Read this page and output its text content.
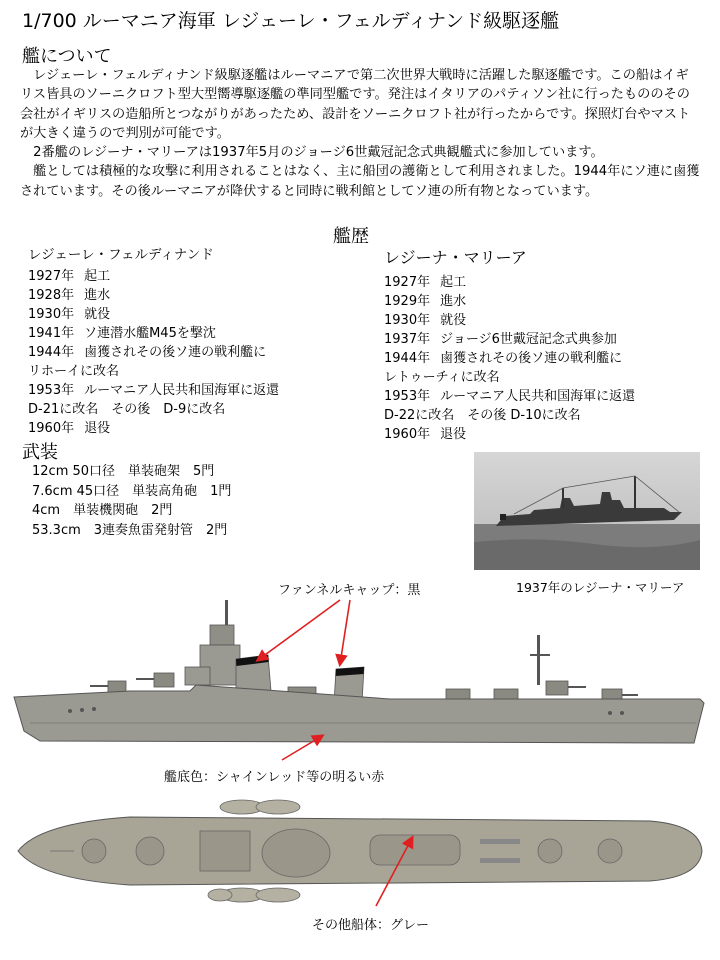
1/700 ルーマニア海軍 レジェーレ・フェルディナンド級駆逐艦
艦について

　レジェーレ・フェルディナンド級駆逐艦はルーマニアで第二次世界大戦時に活躍した駆逐艦です。この船はイギリス皆具のソーニクロフト型大型嚮導駆逐艦の準同型艦です。発注はイタリアのパティソン社に行ったもののその会社がイギリスの造船所とつながりがあったため、設計をソーニクロフト社が行ったからです。探照灯台やマストが大きく違うので判別が可能です。

　2番艦のレジーナ・マリーアは1937年5月のジョージ6世戴冠記念式典観艦式に参加しています。

　艦としては積極的な攻撃に利用されることはなく、主に船団の護衛として利用されました。1944年にソ連に鹵獲されています。その後ルーマニアが降伏すると同時に戦利館としてソ連の所有物となっています。

艦歴
レジェーレ・フェルディナンド
1927年 起工
1928年 進水
1930年 就役
1941年 ソ連潜水艦M45を撃沈
1944年 鹵獲されその後ソ連の戦利艦に
リホーイに改名
1953年 ルーマニア人民共和国海軍に返還
D-21に改名　その後　D-9に改名
1960年 退役
レジーナ・マリーア
1927年 起工
1929年 進水
1930年 就役
1937年 ジョージ6世戴冠記念式典参加
1944年 鹵獲されその後ソ連の戦利艦に
レトゥーチィに改名
1953年 ルーマニア人民共和国海軍に返還
D-22に改名　その後 D-10に改名
1960年 退役
武装
12cm 50口径　単装砲架　5門
7.6cm 45口径　単装高角砲　1門
4cm　単装機関砲　2門
53.3cm　3連奏魚雷発射管　2門
1937年のレジーナ・マリーア
ファンネルキャップ：黒
艦底色：シャインレッド等の明るい赤
その他船体：グレー
